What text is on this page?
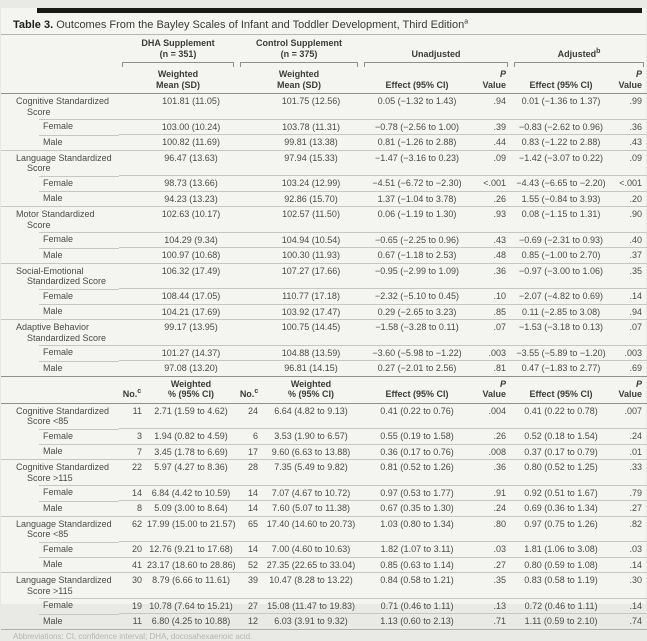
Table 3. Outcomes From the Bayley Scales of Infant and Toddler Development, Third Edition$^a$

DHA Supplement
(n = 351)

Control Supplement
(n = 375)	Unadjusted	Adjusted$^b$

Weighted
Mean (SD)

Weighted
Mean (SD)	Effect (95% CI)	
P
Value	Effect (95% CI)	
P
Value

Cognitive Standardized Score		101.81 (11.05)		101.75 (12.56)	0.05 (−1.32 to 1.43)	.94	0.01 (−1.36 to 1.37)	.99

Female		103.00 (10.24)		103.78 (11.31)	−0.78 (−2.56 to 1.00)	.39	−0.83 (−2.62 to 0.96)	.36

Male		100.82 (11.69)		99.81 (13.38)	0.81 (−1.26 to 2.88)	.44	0.83 (−1.22 to 2.88)	.43

Language Standardized Score		96.47 (13.63)		97.94 (15.33)	−1.47 (−3.16 to 0.23)	.09	−1.42 (−3.07 to 0.22)	.09

Female		98.73 (13.66)		103.24 (12.99)	−4.51 (−6.72 to −2.30)	<.001	−4.43 (−6.65 to −2.20)	<.001

Male		94.23 (13.23)		92.86 (15.70)	1.37 (−1.04 to 3.78)	.26	1.55 (−0.84 to 3.93)	.20

Motor Standardized Score		102.63 (10.17)		102.57 (11.50)	0.06 (−1.19 to 1.30)	.93	0.08 (−1.15 to 1.31)	.90

Female		104.29 (9.34)		104.94 (10.54)	−0.65 (−2.25 to 0.96)	.43	−0.69 (−2.31 to 0.93)	.40

Male		100.97 (10.68)		100.30 (11.93)	0.67 (−1.18 to 2.53)	.48	0.85 (−1.00 to 2.70)	.37

Social-Emotional Standardized Score		106.32 (17.49)		107.27 (17.66)	−0.95 (−2.99 to 1.09)	.36	−0.97 (−3.00 to 1.06)	.35

Female		108.44 (17.05)		110.77 (17.18)	−2.32 (−5.10 to 0.45)	.10	−2.07 (−4.82 to 0.69)	.14

Male		104.21 (17.69)		103.92 (17.47)	0.29 (−2.65 to 3.23)	.85	0.11 (−2.85 to 3.08)	.94

Adaptive Behavior Standardized Score		99.17 (13.95)		100.75 (14.45)	−1.58 (−3.28 to 0.11)	.07	−1.53 (−3.18 to 0.13)	.07

Female		101.27 (14.37)		104.88 (13.59)	−3.60 (−5.98 to −1.22)	.003	−3.55 (−5.89 to −1.20)	.003

Male		97.08 (13.20)		96.81 (14.15)	0.27 (−2.01 to 2.56)	.81	0.47 (−1.83 to 2.77)	.69
	No.$^c$	
Weighted
% (95% CI)	No.$^c$	
Weighted
% (95% CI)	Effect (95% CI)	
P
Value	Effect (95% CI)	
P
Value

Cognitive Standardized Score <85	11	2.71 (1.59 to 4.62)	24	6.64 (4.82 to 9.13)	0.41 (0.22 to 0.76)	.004	0.41 (0.22 to 0.78)	.007

Female	3	1.94 (0.82 to 4.59)	6	3.53 (1.90 to 6.57)	0.55 (0.19 to 1.58)	.26	0.52 (0.18 to 1.54)	.24

Male	7	3.45 (1.78 to 6.69)	17	9.60 (6.63 to 13.88)	0.36 (0.17 to 0.76)	.008	0.37 (0.17 to 0.79)	.01

Cognitive Standardized Score >115	22	5.97 (4.27 to 8.36)	28	7.35 (5.49 to 9.82)	0.81 (0.52 to 1.26)	.36	0.80 (0.52 to 1.25)	.33

Female	14	6.84 (4.42 to 10.59)	14	7.07 (4.67 to 10.72)	0.97 (0.53 to 1.77)	.91	0.92 (0.51 to 1.67)	.79

Male	8	5.09 (3.00 to 8.64)	14	7.60 (5.07 to 11.38)	0.67 (0.35 to 1.30)	.24	0.69 (0.36 to 1.34)	.27

Language Standardized Score <85	62	17.99 (15.00 to 21.57)	65	17.40 (14.60 to 20.73)	1.03 (0.80 to 1.34)	.80	0.97 (0.75 to 1.26)	.82

Female	20	12.76 (9.21 to 17.68)	14	7.00 (4.60 to 10.63)	1.82 (1.07 to 3.11)	.03	1.81 (1.06 to 3.08)	.03

Male	41	23.17 (18.60 to 28.86)	52	27.35 (22.65 to 33.04)	0.85 (0.63 to 1.14)	.27	0.80 (0.59 to 1.08)	.14

Language Standardized Score >115	30	8.79 (6.66 to 11.61)	39	10.47 (8.28 to 13.22)	0.84 (0.58 to 1.21)	.35	0.83 (0.58 to 1.19)	.30

Female	19	10.78 (7.64 to 15.21)	27	15.08 (11.47 to 19.83)	0.71 (0.46 to 1.11)	.13	0.72 (0.46 to 1.11)	.14

Male	11	6.80 (4.25 to 10.88)	12	6.03 (3.91 to 9.32)	1.13 (0.60 to 2.13)	.71	1.11 (0.59 to 2.10)	.74
Abbreviations: CI, confidence interval; DHA, docosahexaenoic acid.
